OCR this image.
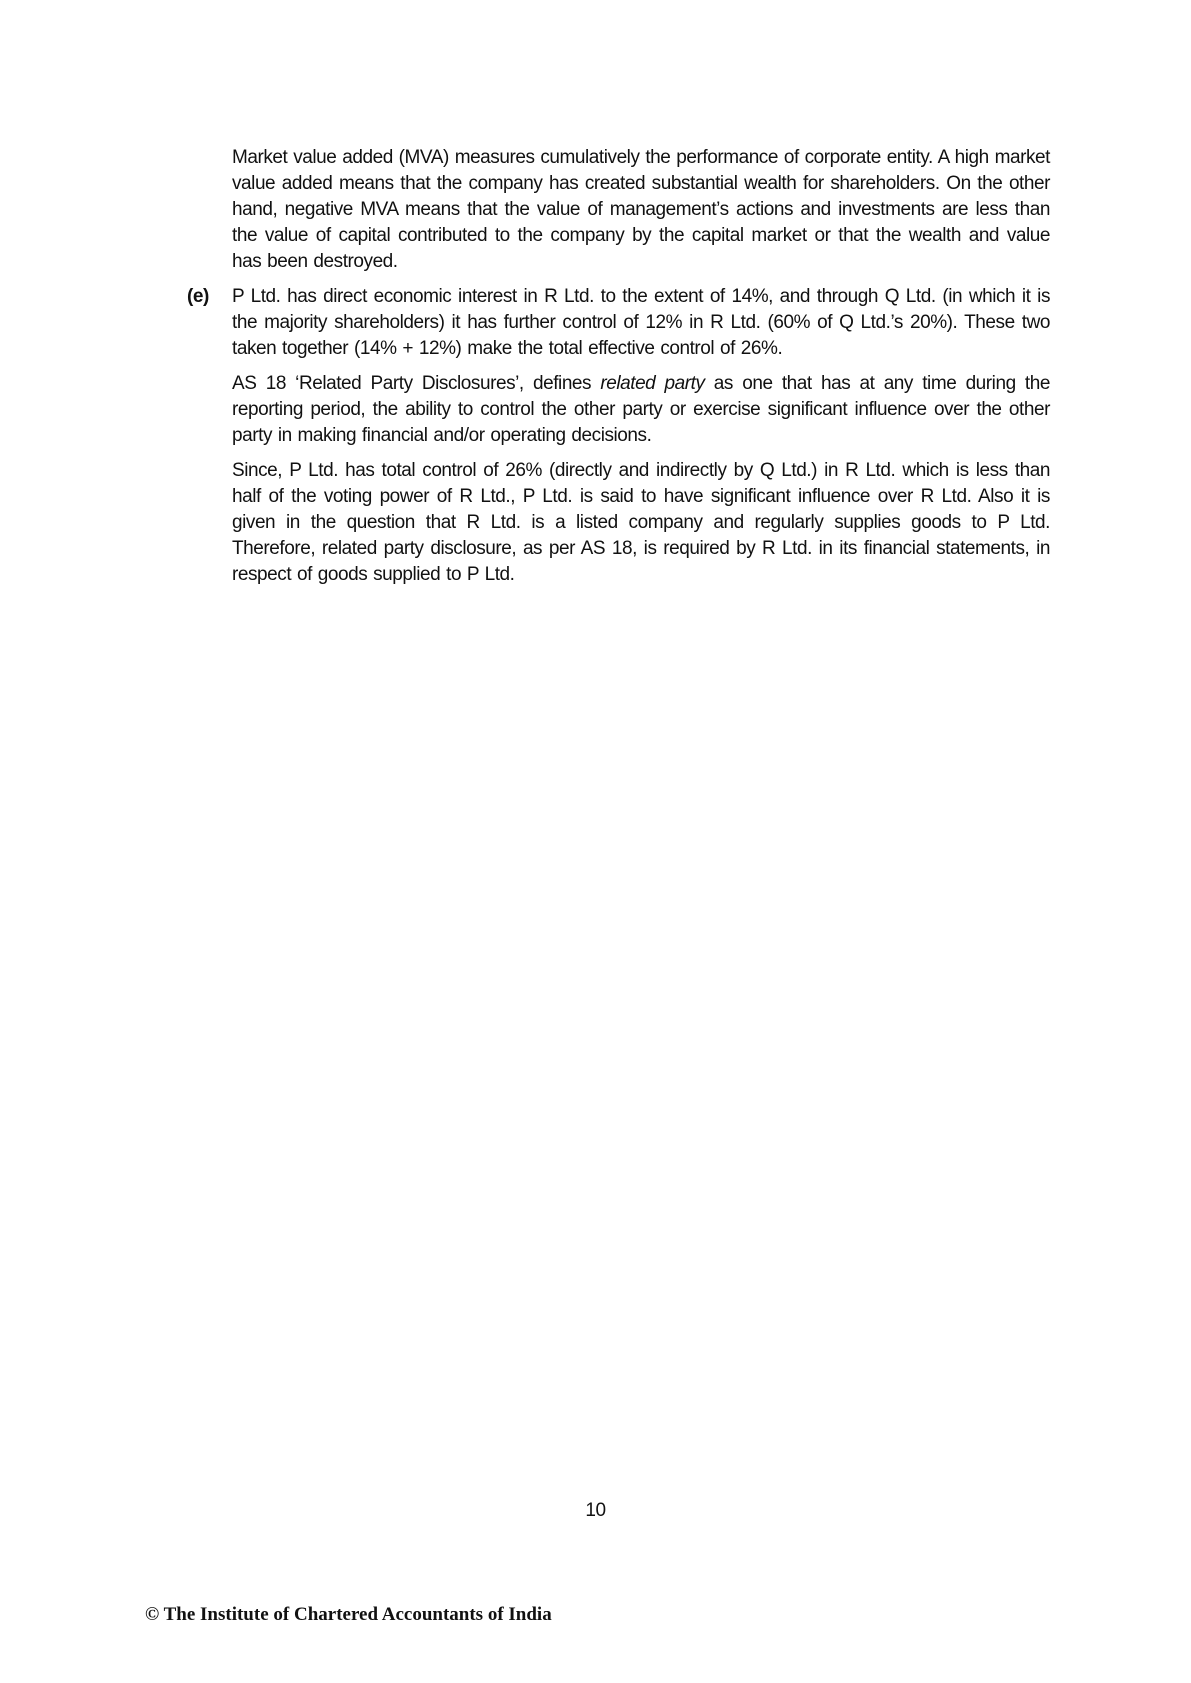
Market value added (MVA) measures cumulatively the performance of corporate entity. A high market value added means that the company has created substantial wealth for shareholders. On the other hand, negative MVA means that the value of management’s actions and investments are less than the value of capital contributed to the company by the capital market or that the wealth and value has been destroyed.

(e) P Ltd. has direct economic interest in R Ltd. to the extent of 14%, and through Q Ltd. (in which it is the majority shareholders) it has further control of 12% in R Ltd. (60% of Q Ltd.’s 20%). These two taken together (14% + 12%) make the total effective control of 26%.

AS 18 ‘Related Party Disclosures’, defines related party as one that has at any time during the reporting period, the ability to control the other party or exercise significant influence over the other party in making financial and/or operating decisions.

Since, P Ltd. has total control of 26% (directly and indirectly by Q Ltd.) in R Ltd. which is less than half of the voting power of R Ltd., P Ltd. is said to have significant influence over R Ltd. Also it is given in the question that R Ltd. is a listed company and regularly supplies goods to P Ltd. Therefore, related party disclosure, as per AS 18, is required by R Ltd. in its financial statements, in respect of goods supplied to P Ltd.

10
© The Institute of Chartered Accountants of India
